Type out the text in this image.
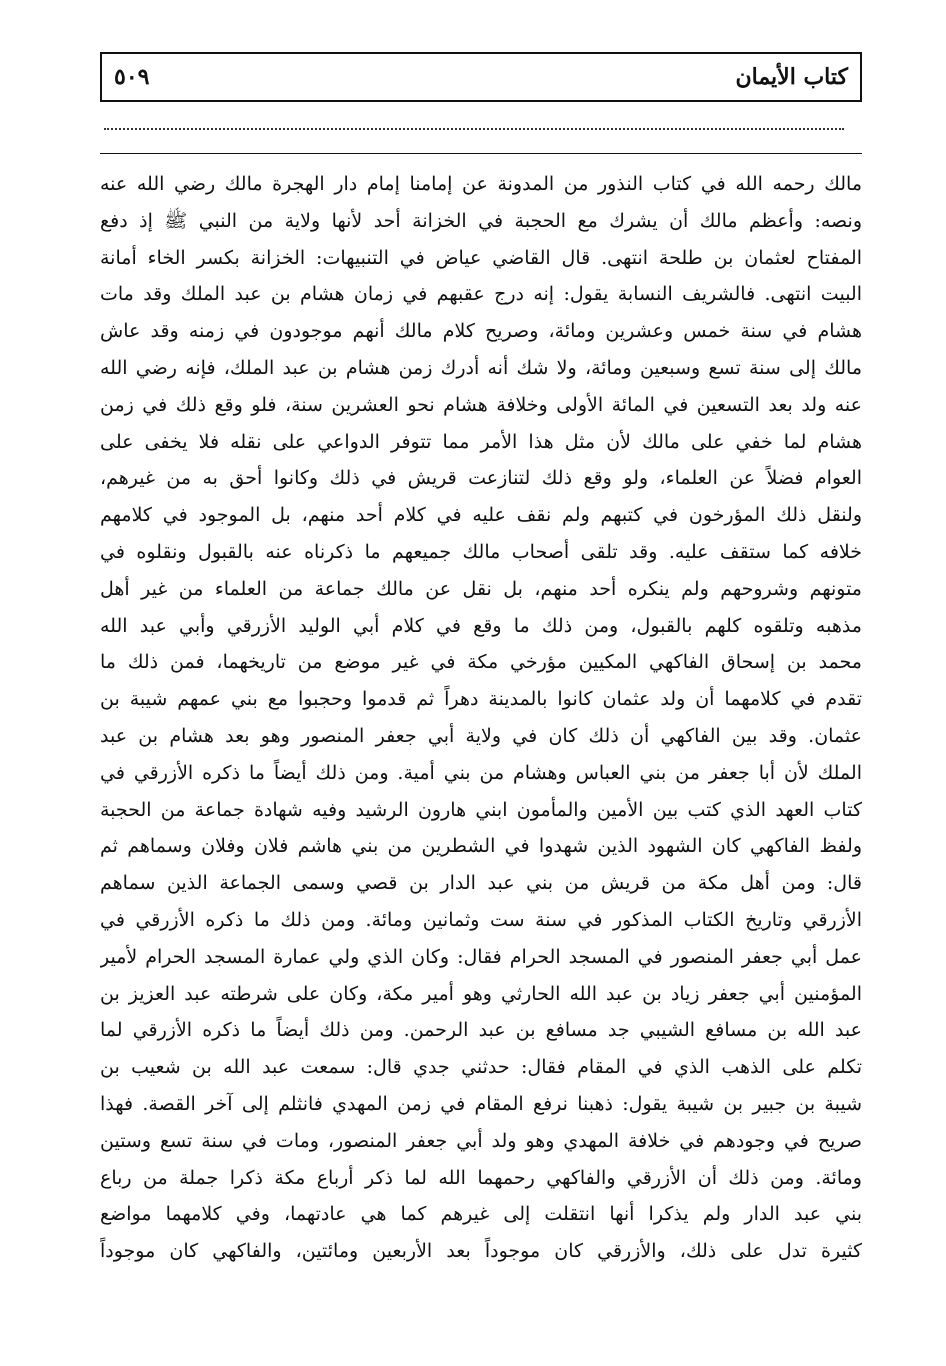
كتاب الأيمان
٥٠٩
مالك رحمه الله في كتاب النذور من المدونة عن إمامنا إمام دار الهجرة مالك رضي الله عنه
ونصه: وأعظم مالك أن يشرك مع الحجبة في الخزانة أحد لأنها ولاية من النبي ﷺ إذ دفع
المفتاح لعثمان بن طلحة انتهى. قال القاضي عياض في التنبيهات: الخزانة بكسر الخاء أمانة
البيت انتهى. فالشريف النسابة يقول: إنه درج عقبهم في زمان هشام بن عبد الملك وقد مات
هشام في سنة خمس وعشرين ومائة، وصريح كلام مالك أنهم موجودون في زمنه وقد عاش
مالك إلى سنة تسع وسبعين ومائة، ولا شك أنه أدرك زمن هشام بن عبد الملك، فإنه رضي الله
عنه ولد بعد التسعين في المائة الأولى وخلافة هشام نحو العشرين سنة، فلو وقع ذلك في زمن
هشام لما خفي على مالك لأن مثل هذا الأمر مما تتوفر الدواعي على نقله فلا يخفى على
العوام فضلاً عن العلماء، ولو وقع ذلك لتنازعت قريش في ذلك وكانوا أحق به من غيرهم،
ولنقل ذلك المؤرخون في كتبهم ولم نقف عليه في كلام أحد منهم، بل الموجود في كلامهم
خلافه كما ستقف عليه. وقد تلقى أصحاب مالك جميعهم ما ذكرناه عنه بالقبول ونقلوه في
متونهم وشروحهم ولم ينكره أحد منهم، بل نقل عن مالك جماعة من العلماء من غير أهل
مذهبه وتلقوه كلهم بالقبول، ومن ذلك ما وقع في كلام أبي الوليد الأزرقي وأبي عبد الله
محمد بن إسحاق الفاكهي المكيين مؤرخي مكة في غير موضع من تاريخهما، فمن ذلك ما
تقدم في كلامهما أن ولد عثمان كانوا بالمدينة دهراً ثم قدموا وحجبوا مع بني عمهم شيبة بن
عثمان. وقد بين الفاكهي أن ذلك كان في ولاية أبي جعفر المنصور وهو بعد هشام بن عبد
الملك لأن أبا جعفر من بني العباس وهشام من بني أمية. ومن ذلك أيضاً ما ذكره الأزرقي في
كتاب العهد الذي كتب بين الأمين والمأمون ابني هارون الرشيد وفيه شهادة جماعة من الحجبة
ولفظ الفاكهي كان الشهود الذين شهدوا في الشطرين من بني هاشم فلان وفلان وسماهم ثم
قال: ومن أهل مكة من قريش من بني عبد الدار بن قصي وسمى الجماعة الذين سماهم
الأزرقي وتاريخ الكتاب المذكور في سنة ست وثمانين ومائة. ومن ذلك ما ذكره الأزرقي في
عمل أبي جعفر المنصور في المسجد الحرام فقال: وكان الذي ولي عمارة المسجد الحرام لأمير
المؤمنين أبي جعفر زياد بن عبد الله الحارثي وهو أمير مكة، وكان على شرطته عبد العزيز بن
عبد الله بن مسافع الشيبي جد مسافع بن عبد الرحمن. ومن ذلك أيضاً ما ذكره الأزرقي لما
تكلم على الذهب الذي في المقام فقال: حدثني جدي قال: سمعت عبد الله بن شعيب بن
شيبة بن جبير بن شيبة يقول: ذهبنا نرفع المقام في زمن المهدي فانثلم إلى آخر القصة. فهذا
صريح في وجودهم في خلافة المهدي وهو ولد أبي جعفر المنصور، ومات في سنة تسع وستين
ومائة. ومن ذلك أن الأزرقي والفاكهي رحمهما الله لما ذكر أرباع مكة ذكرا جملة من رباع
بني عبد الدار ولم يذكرا أنها انتقلت إلى غيرهم كما هي عادتهما، وفي كلامهما مواضع
كثيرة تدل على ذلك، والأزرقي كان موجوداً بعد الأربعين ومائتين، والفاكهي كان موجوداً
